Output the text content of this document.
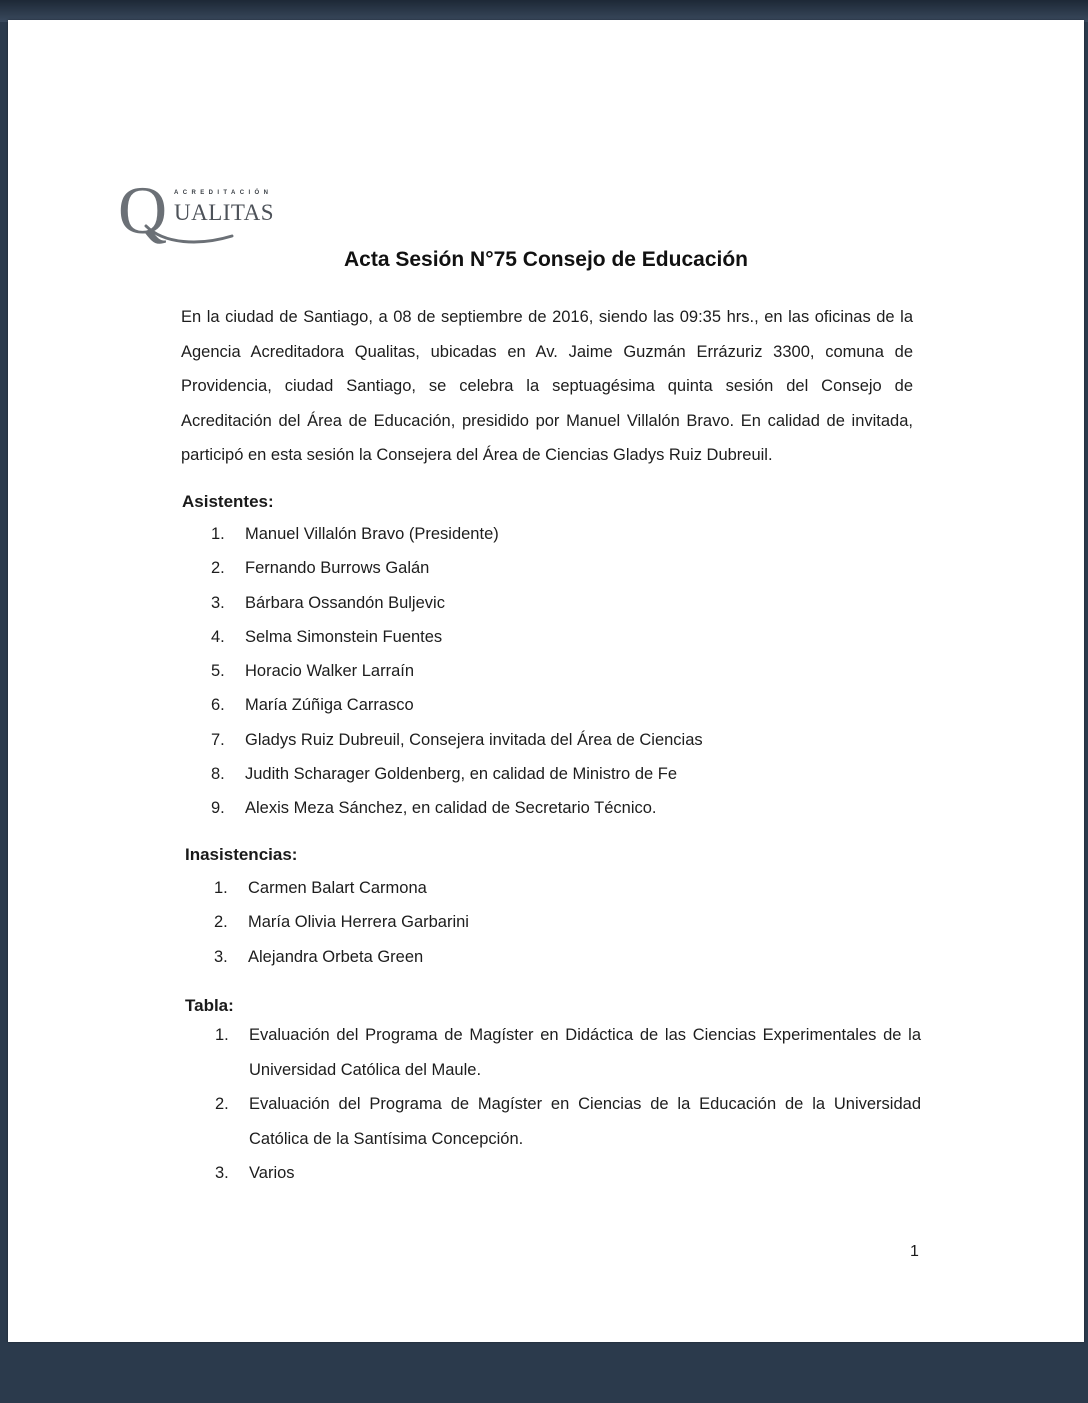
Q ACREDITACIÓN
UALITAS
Acta Sesión N°75 Consejo de Educación
En la ciudad de Santiago, a 08 de septiembre de 2016, siendo las 09:35 hrs., en las oficinas de la Agencia Acreditadora Qualitas, ubicadas en Av. Jaime Guzmán Errázuriz 3300, comuna de Providencia, ciudad Santiago, se celebra la septuagésima quinta sesión del Consejo de Acreditación del Área de Educación, presidido por Manuel Villalón Bravo. En calidad de invitada, participó en esta sesión la Consejera del Área de Ciencias Gladys Ruiz Dubreuil.
Asistentes:
1. Manuel Villalón Bravo (Presidente)
2. Fernando Burrows Galán
3. Bárbara Ossandón Buljevic
4. Selma Simonstein Fuentes
5. Horacio Walker Larraín
6. María Zúñiga Carrasco
7. Gladys Ruiz Dubreuil, Consejera invitada del Área de Ciencias
8. Judith Scharager Goldenberg, en calidad de Ministro de Fe
9. Alexis Meza Sánchez, en calidad de Secretario Técnico.
Inasistencias:
1. Carmen Balart Carmona
2. María Olivia Herrera Garbarini
3. Alejandra Orbeta Green
Tabla:
1. Evaluación del Programa de Magíster en Didáctica de las Ciencias Experimentales de la Universidad Católica del Maule.
2. Evaluación del Programa de Magíster en Ciencias de la Educación de la Universidad Católica de la Santísima Concepción.
3. Varios
1
